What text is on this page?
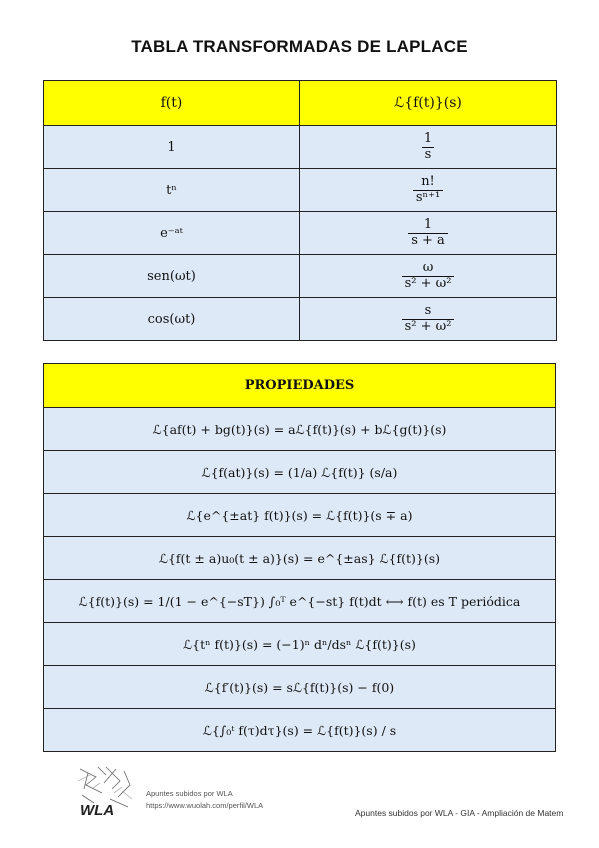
TABLA TRANSFORMADAS DE LAPLACE
f(t)	ℒ{f(t)}(s)
1	$\frac{1}{s}$

tⁿ	$\frac{n!}{\text{sⁿ⁺¹}}$

e⁻ᵃᵗ	$\frac{1}{s + a}$

sen(ωt)	$\frac{\omega}{\text{s² + ω²}}$

cos(ωt)	$\frac{s}{\text{s² + ω²}}$
PROPIEDADES
ℒ{af(t) + bg(t)}(s) = aℒ{f(t)}(s) + bℒ{g(t)}(s)
ℒ{f(at)}(s) = (1/a) ℒ{f(t)} (s/a)
ℒ{e^{±at} f(t)}(s) = ℒ{f(t)}(s ∓ a)
ℒ{f(t ± a)u₀(t ± a)}(s) = e^{±as} ℒ{f(t)}(s)
ℒ{f(t)}(s) = 1/(1 − e^{−sT}) ∫₀ᵀ e^{−st} f(t)dt ⟷ f(t) es T periódica
ℒ{tⁿ f(t)}(s) = (−1)ⁿ dⁿ/dsⁿ ℒ{f(t)}(s)
ℒ{f′(t)}(s) = sℒ{f(t)}(s) − f(0)
ℒ{∫₀ᵗ f(τ)dτ}(s) = ℒ{f(t)}(s) / s
WLA
Apuntes subidos por WLA
https://www.wuolah.com/perfil/WLA
Apuntes subidos por WLA - GIA - Ampliación de Matem
